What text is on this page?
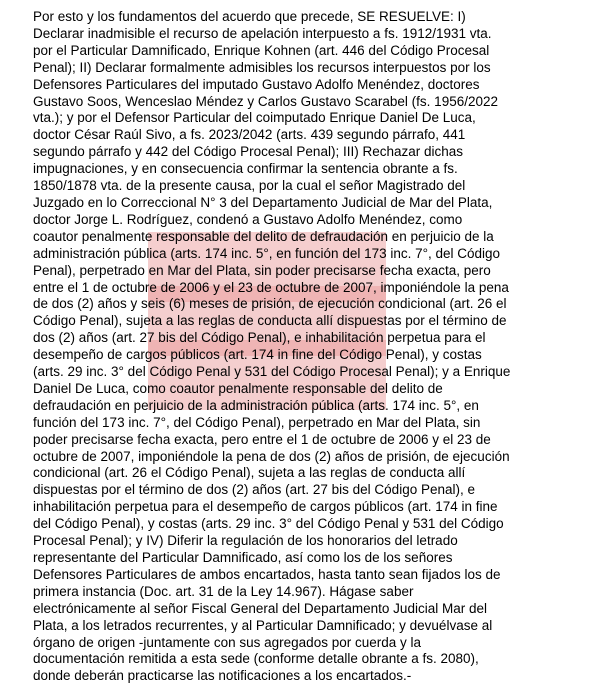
Por esto y los fundamentos del acuerdo que precede, SE RESUELVE: I)
Declarar inadmisible el recurso de apelación interpuesto a fs. 1912/1931 vta.
por el Particular Damnificado, Enrique Kohnen (art. 446 del Código Procesal
Penal); II) Declarar formalmente admisibles los recursos interpuestos por los
Defensores Particulares del imputado Gustavo Adolfo Menéndez, doctores
Gustavo Soos, Wenceslao Méndez y Carlos Gustavo Scarabel (fs. 1956/2022
vta.); y por el Defensor Particular del coimputado Enrique Daniel De Luca,
doctor César Raúl Sivo, a fs. 2023/2042 (arts. 439 segundo párrafo, 441
segundo párrafo y 442 del Código Procesal Penal); III) Rechazar dichas
impugnaciones, y en consecuencia confirmar la sentencia obrante a fs.
1850/1878 vta. de la presente causa, por la cual el señor Magistrado del
Juzgado en lo Correccional N° 3 del Departamento Judicial de Mar del Plata,
doctor Jorge L. Rodríguez, condenó a Gustavo Adolfo Menéndez, como
coautor penalmente responsable del delito de defraudación en perjuicio de la
administración pública (arts. 174 inc. 5°, en función del 173 inc. 7°, del Código
Penal), perpetrado en Mar del Plata, sin poder precisarse fecha exacta, pero
entre el 1 de octubre de 2006 y el 23 de octubre de 2007, imponiéndole la pena
de dos (2) años y seis (6) meses de prisión, de ejecución condicional (art. 26 el
Código Penal), sujeta a las reglas de conducta allí dispuestas por el término de
dos (2) años (art. 27 bis del Código Penal), e inhabilitación perpetua para el
desempeño de cargos públicos (art. 174 in fine del Código Penal), y costas
(arts. 29 inc. 3° del Código Penal y 531 del Código Procesal Penal); y a Enrique
Daniel De Luca, como coautor penalmente responsable del delito de
defraudación en perjuicio de la administración pública (arts. 174 inc. 5°, en
función del 173 inc. 7°, del Código Penal), perpetrado en Mar del Plata, sin
poder precisarse fecha exacta, pero entre el 1 de octubre de 2006 y el 23 de
octubre de 2007, imponiéndole la pena de dos (2) años de prisión, de ejecución
condicional (art. 26 el Código Penal), sujeta a las reglas de conducta allí
dispuestas por el término de dos (2) años (art. 27 bis del Código Penal), e
inhabilitación perpetua para el desempeño de cargos públicos (art. 174 in fine
del Código Penal), y costas (arts. 29 inc. 3° del Código Penal y 531 del Código
Procesal Penal); y IV) Diferir la regulación de los honorarios del letrado
representante del Particular Damnificado, así como los de los señores
Defensores Particulares de ambos encartados, hasta tanto sean fijados los de
primera instancia (Doc. art. 31 de la Ley 14.967). Hágase saber
electrónicamente al señor Fiscal General del Departamento Judicial Mar del
Plata, a los letrados recurrentes, y al Particular Damnificado; y devuélvase al
órgano de origen -juntamente con sus agregados por cuerda y la
documentación remitida a esta sede (conforme detalle obrante a fs. 2080),
donde deberán practicarse las notificaciones a los encartados.-
